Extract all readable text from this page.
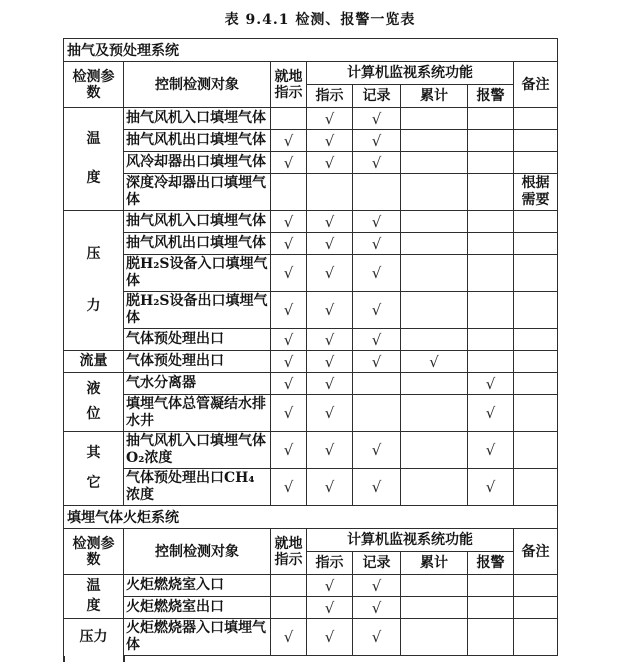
表 9.4.1 检测、报警一览表
抽气及预处理系统							
检测参数	控制检测对象	就地指示	计算机监视系统功能				备注
			指示	记录	累计	报警	

温
度	抽气风机入口填埋气体		√	√			
	抽气风机出口填埋气体	√	√	√			
	风冷却器出口填埋气体	√	√	√			
	深度冷却器出口填埋气体						根据需要

压
力	抽气风机入口填埋气体	√	√	√			
	抽气风机出口填埋气体	√	√	√			
	脱H₂S设备入口填埋气体	√	√	√			
	脱H₂S设备出口填埋气体	√	√	√			
	气体预处理出口	√	√	√			

流量	气体预处理出口	√	√	√	√		

液
位	气水分离器	√	√			√	
	填埋气体总管凝结水排水井	√	√			√	

其
它	抽气风机入口填埋气体O₂浓度	√	√	√		√	
	气体预处理出口CH₄浓度	√	√	√		√	
填埋气体火炬系统							
检测参数	控制检测对象	就地指示	计算机监视系统功能				备注
			指示	记录	累计	报警	

温
度	火炬燃烧室入口		√	√			
	火炬燃烧室出口		√	√			

压力	火炬燃烧器入口填埋气体	√	√	√			
